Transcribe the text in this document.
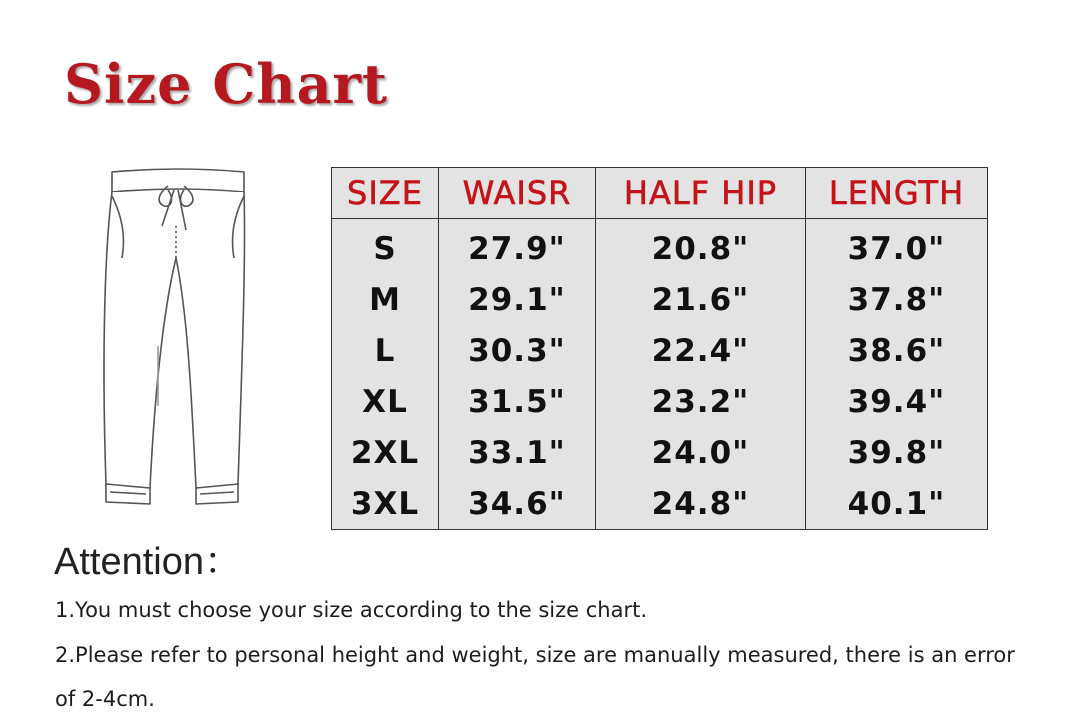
Size Chart
SIZE	WAISR	HALF HIP	LENGTH
S	27.9"	20.8"	37.0"
M	29.1"	21.6"	37.8"
L	30.3"	22.4"	38.6"
XL	31.5"	23.2"	39.4"
2XL	33.1"	24.0"	39.8"
3XL	34.6"	24.8"	40.1"
Attention：
1.You must choose your size according to the size chart.
2.Please refer to personal height and weight, size are manually measured, there is an error
of 2-4cm.
